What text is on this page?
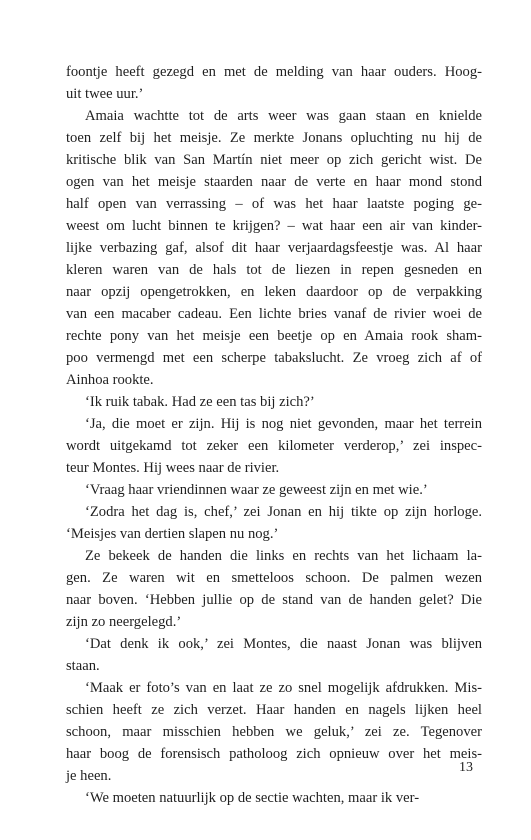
foontje heeft gezegd en met de melding van haar ouders. Hoog-
uit twee uur.’
Amaia wachtte tot de arts weer was gaan staan en knielde
toen zelf bij het meisje. Ze merkte Jonans opluchting nu hij de
kritische blik van San Martín niet meer op zich gericht wist. De
ogen van het meisje staarden naar de verte en haar mond stond
half open van verrassing – of was het haar laatste poging ge-
weest om lucht binnen te krijgen? – wat haar een air van kinder-
lijke verbazing gaf, alsof dit haar verjaardagsfeestje was. Al haar
kleren waren van de hals tot de liezen in repen gesneden en
naar opzij opengetrokken, en leken daardoor op de verpakking
van een macaber cadeau. Een lichte bries vanaf de rivier woei de
rechte pony van het meisje een beetje op en Amaia rook sham-
poo vermengd met een scherpe tabakslucht. Ze vroeg zich af of
Ainhoa rookte.
‘Ik ruik tabak. Had ze een tas bij zich?’
‘Ja, die moet er zijn. Hij is nog niet gevonden, maar het terrein
wordt uitgekamd tot zeker een kilometer verderop,’ zei inspec-
teur Montes. Hij wees naar de rivier.
‘Vraag haar vriendinnen waar ze geweest zijn en met wie.’
‘Zodra het dag is, chef,’ zei Jonan en hij tikte op zijn horloge.
‘Meisjes van dertien slapen nu nog.’
Ze bekeek de handen die links en rechts van het lichaam la-
gen. Ze waren wit en smetteloos schoon. De palmen wezen
naar boven. ‘Hebben jullie op de stand van de handen gelet? Die
zijn zo neergelegd.’
‘Dat denk ik ook,’ zei Montes, die naast Jonan was blijven
staan.
‘Maak er foto’s van en laat ze zo snel mogelijk afdrukken. Mis-
schien heeft ze zich verzet. Haar handen en nagels lijken heel
schoon, maar misschien hebben we geluk,’ zei ze. Tegenover
haar boog de forensisch patholoog zich opnieuw over het meis-
je heen.
‘We moeten natuurlijk op de sectie wachten, maar ik ver-
13
